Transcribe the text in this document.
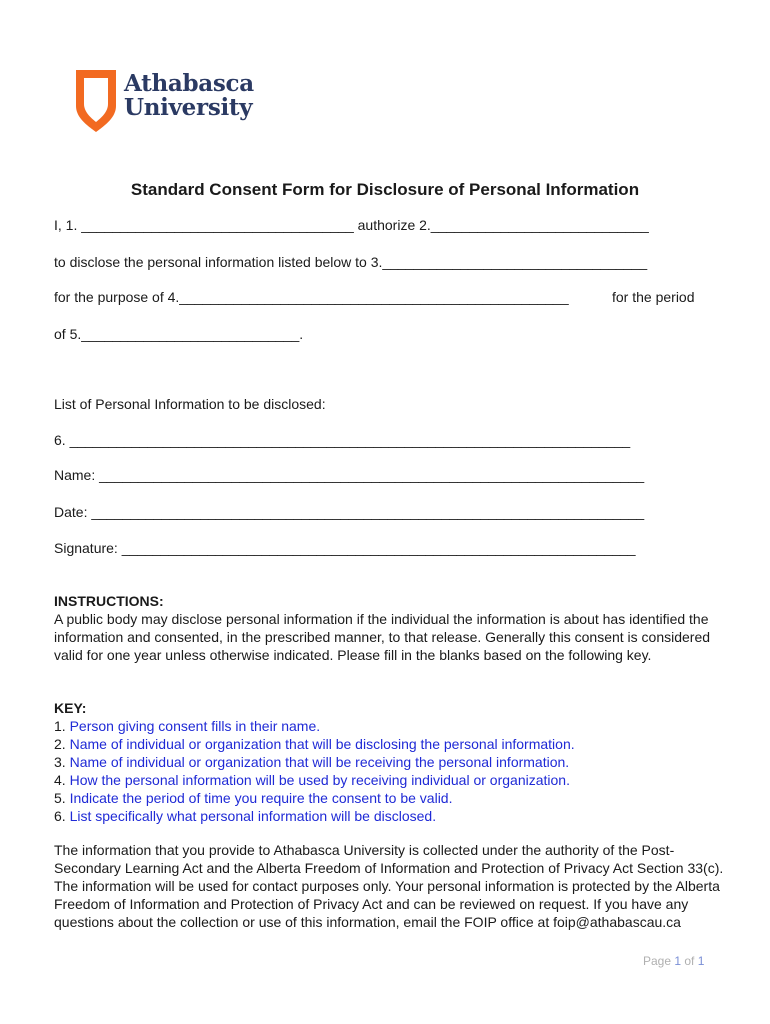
Athabasca
University
Standard Consent Form for Disclosure of Personal Information
I, 1. ___________________________________ authorize 2.____________________________
to disclose the personal information listed below to 3.__________________________________
for the purpose of 4.__________________________________________________	for the period
of 5.____________________________.
List of Personal Information to be disclosed:
6. ________________________________________________________________________
Name: ______________________________________________________________________
Date: _______________________________________________________________________
Signature: __________________________________________________________________

INSTRUCTIONS:

A public body may disclose personal information if the individual the information is about has identified the information and consented, in the prescribed manner, to that release. Generally this consent is considered valid for one year unless otherwise indicated. Please fill in the blanks based on the following key.

KEY:

1. Person giving consent fills in their name.

2. Name of individual or organization that will be disclosing the personal information.

3. Name of individual or organization that will be receiving the personal information.

4. How the personal information will be used by receiving individual or organization.

5. Indicate the period of time you require the consent to be valid.

6. List specifically what personal information will be disclosed.

The information that you provide to Athabasca University is collected under the authority of the Post-Secondary Learning Act and the Alberta Freedom of Information and Protection of Privacy Act Section 33(c). The information will be used for contact purposes only. Your personal information is protected by the Alberta Freedom of Information and Protection of Privacy Act and can be reviewed on request. If you have any questions about the collection or use of this information, email the FOIP office at foip@athabascau.ca

Page 1 of 1
